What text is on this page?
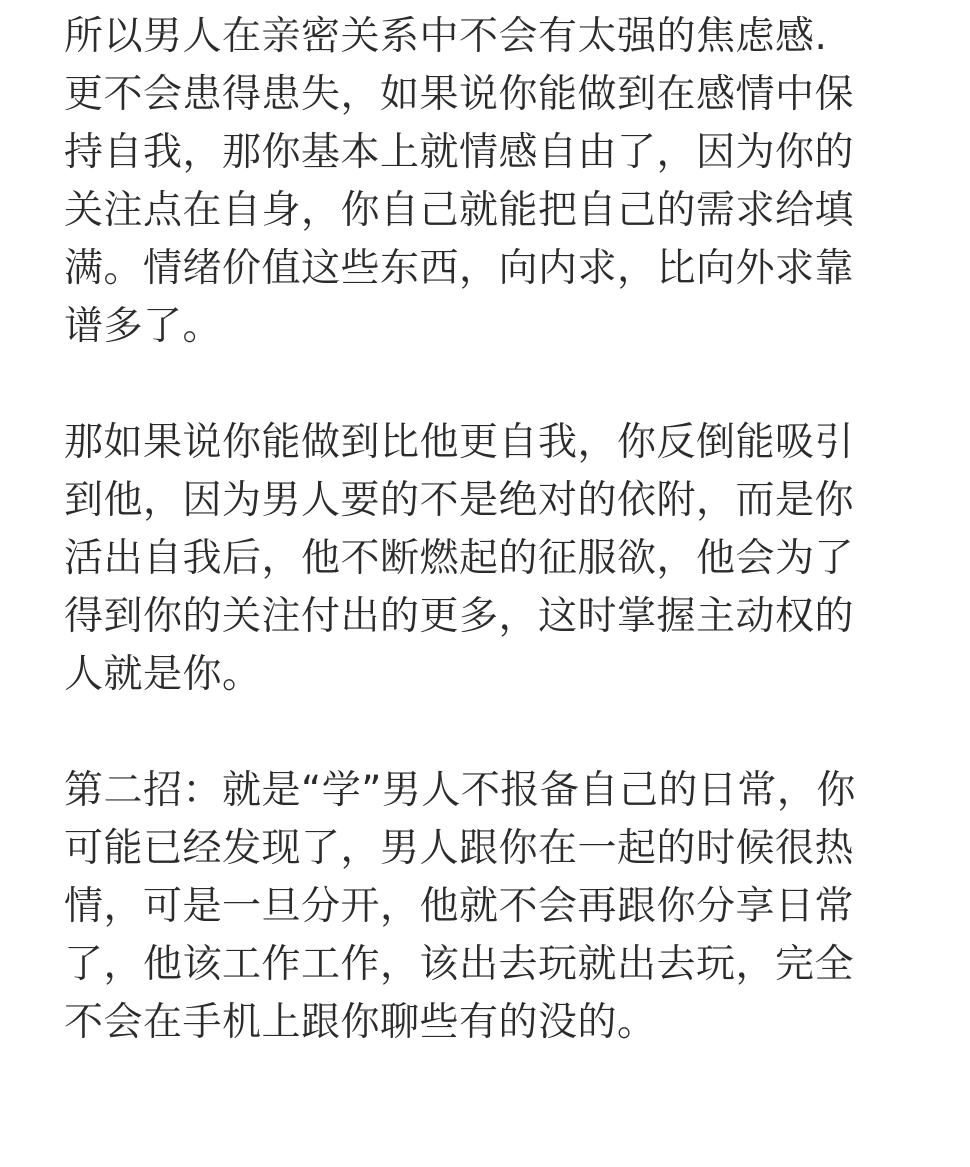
所以男人在亲密关系中不会有太强的焦虑感.
更不会患得患失，如果说你能做到在感情中保
持自我，那你基本上就情感自由了，因为你的
关注点在自身，你自己就能把自己的需求给填
满。情绪价值这些东西，向内求，比向外求靠
谱多了。
那如果说你能做到比他更自我，你反倒能吸引
到他，因为男人要的不是绝对的依附，而是你
活出自我后，他不断燃起的征服欲，他会为了
得到你的关注付出的更多，这时掌握主动权的
人就是你。
第二招：就是“学”男人不报备自己的日常，你
可能已经发现了，男人跟你在一起的时候很热
情，可是一旦分开，他就不会再跟你分享日常
了，他该工作工作，该出去玩就出去玩，完全
不会在手机上跟你聊些有的没的。
